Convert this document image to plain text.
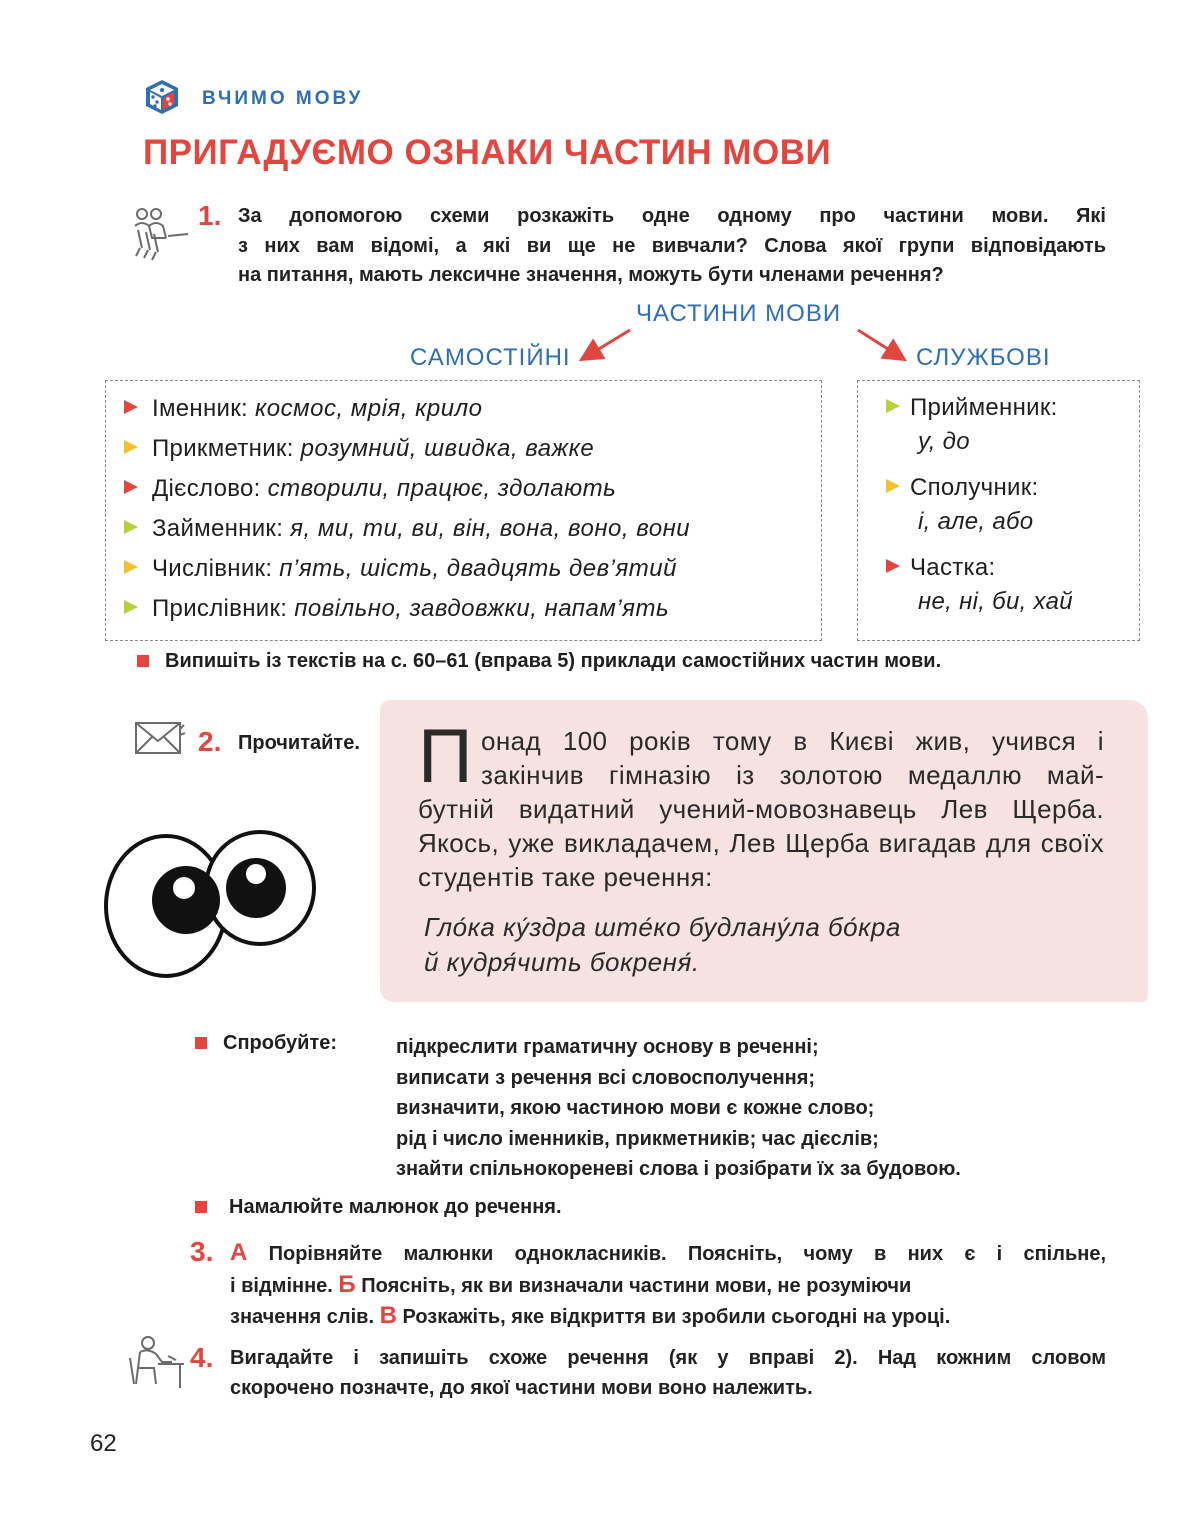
ВЧИМО МОВУ
ПРИГАДУЄМО ОЗНАКИ ЧАСТИН МОВИ
1. За допомогою схеми розкажіть одне одному про частини мови. Які
з них вам відомі, а які ви ще не вивчали? Слова якої групи відповідають
на питання, мають лексичне значення, можуть бути членами речення?
ЧАСТИНИ МОВИ
САМОСТІЙНІ	СЛУЖБОВІ
Іменник: космос, мрія, крило
Прикметник: розумний, швидка, важке
Дієслово: створили, працює, здолають
Займенник: я, ми, ти, ви, він, вона, воно, вони
Числівник: п’ять, шість, двадцять дев’ятий
Прислівник: повільно, завдовжки, напам’ять
Прийменник:
у, до
Сполучник:
і, але, або
Частка:
не, ні, би, хай
Випишіть із текстів на с. 60–61 (вправа 5) приклади самостійних частин мови.
2. Прочитайте. П онад 100 років тому в Києві жив, учився і
закінчив гімназію із золотою медаллю май-
бутній видатний учений-мовознавець Лев Щерба. Якось, уже викладачем, Лев Щерба вигадав для своїх студентів таке речення:
Гло́ка ку́здра ште́ко будлану́ла бо́кра
й кудря́чить бокреня́.
Спробуйте:	підкреслити граматичну основу в реченні;
виписати з речення всі словосполучення;
визначити, якою частиною мови є кожне слово;
рід і число іменників, прикметників; час дієслів;
знайти спільнокореневі слова і розібрати їх за будовою.
Намалюйте малюнок до речення.
3. А Порівняйте малюнки однокласників. Поясніть, чому в них є і спільне,
і відмінне. Б Поясніть, як ви визначали частини мови, не розуміючи
значення слів. В Розкажіть, яке відкриття ви зробили сьогодні на уроці.
4. Вигадайте і запишіть схоже речення (як у вправі 2). Над кожним словом
скорочено позначте, до якої частини мови воно належить.
62
